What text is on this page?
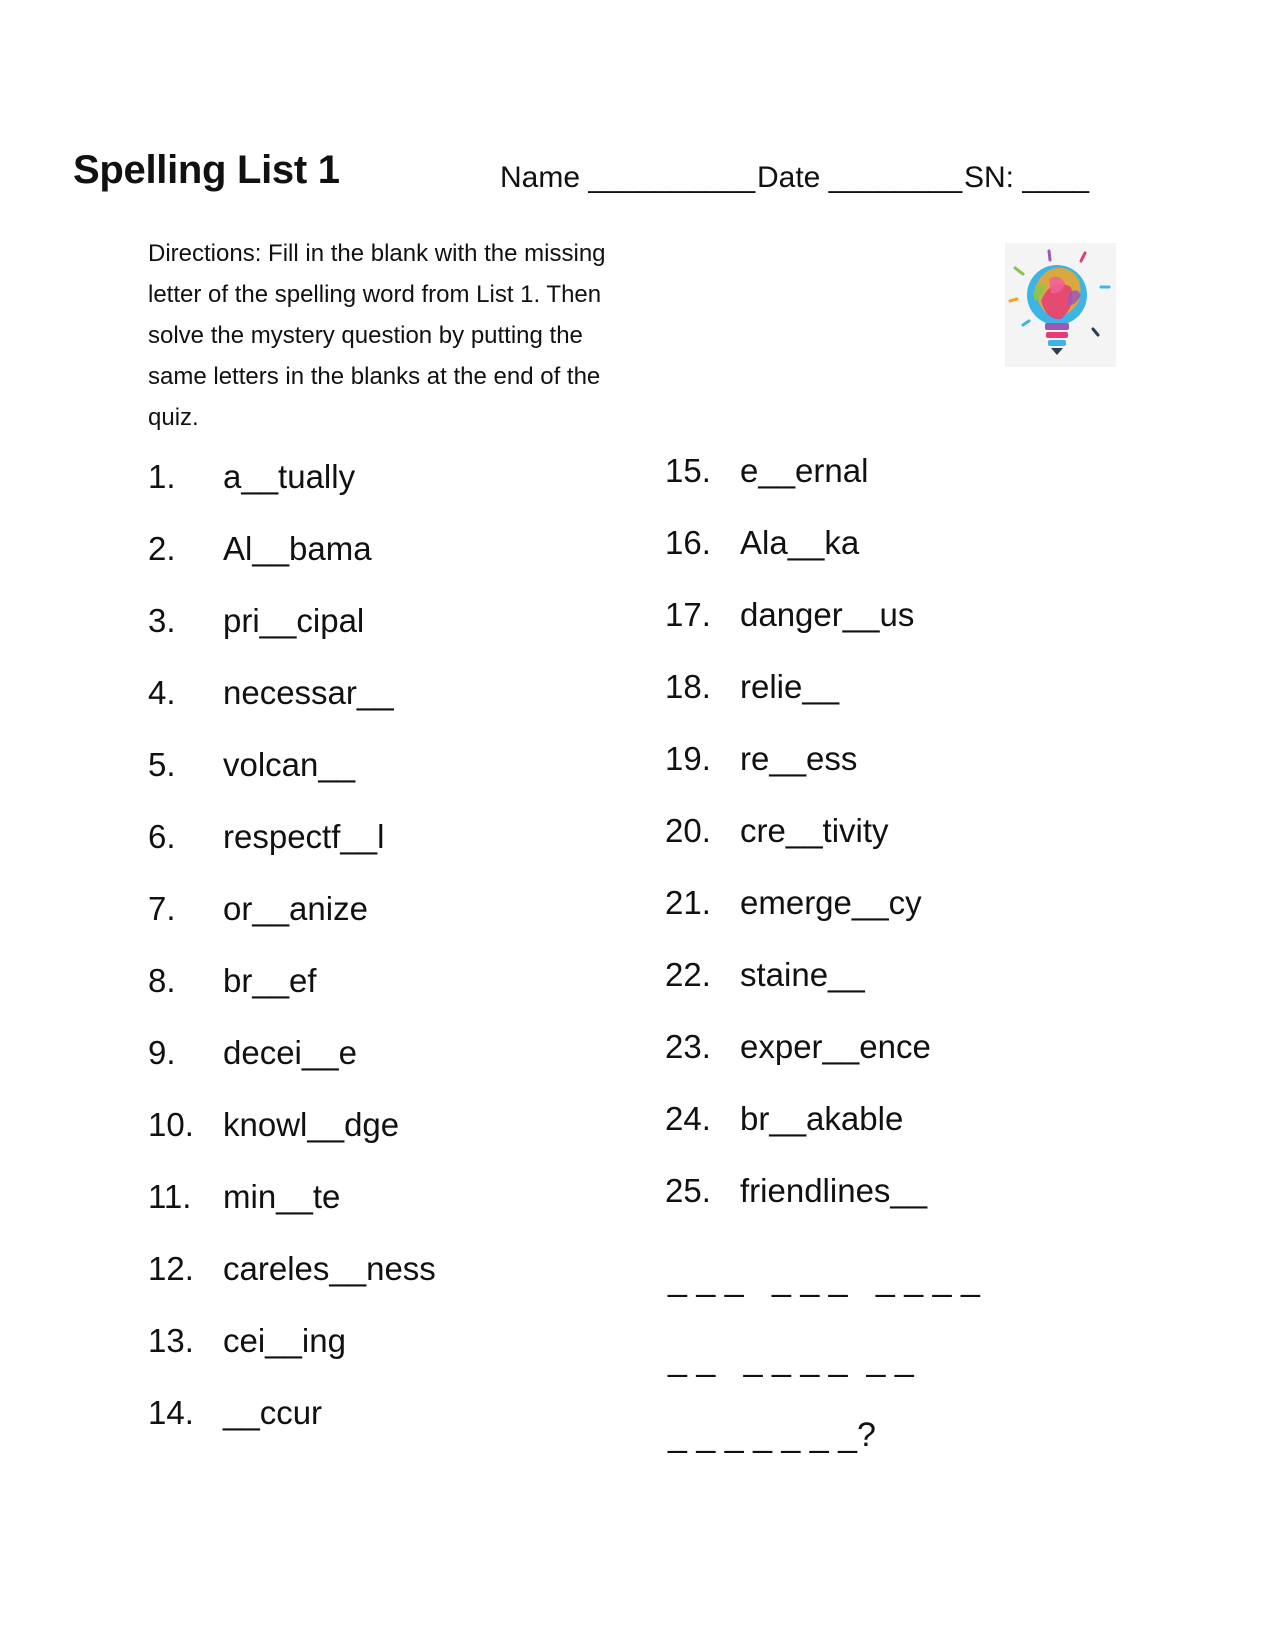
Spelling List 1	Name __________ Date ________ SN: ____
Directions: Fill in the blank with the missing letter of the spelling word from List 1. Then solve the mystery question by putting the same letters in the blanks at the end of the quiz.
1. a__tually
2. Al__bama
3. pri__cipal
4. necessar__
5. volcan__
6. respectf__l
7. or__anize
8. br__ef
9. decei__e
10. knowl__dge
11. min__te
12. careles__ness
13. cei__ing
14. __ccur
15. e__ernal
16. Ala__ka
17. danger__us
18. relie__
19. re__ess
20. cre__tivity
21. emerge__cy
22. staine__
23. exper__ence
24. br__akable
25. friendlines__
_ _ _   _ _ _   _ _ _ _
_ _   _ _ _ _  _ _
_ _ _ _ _ _ _?
